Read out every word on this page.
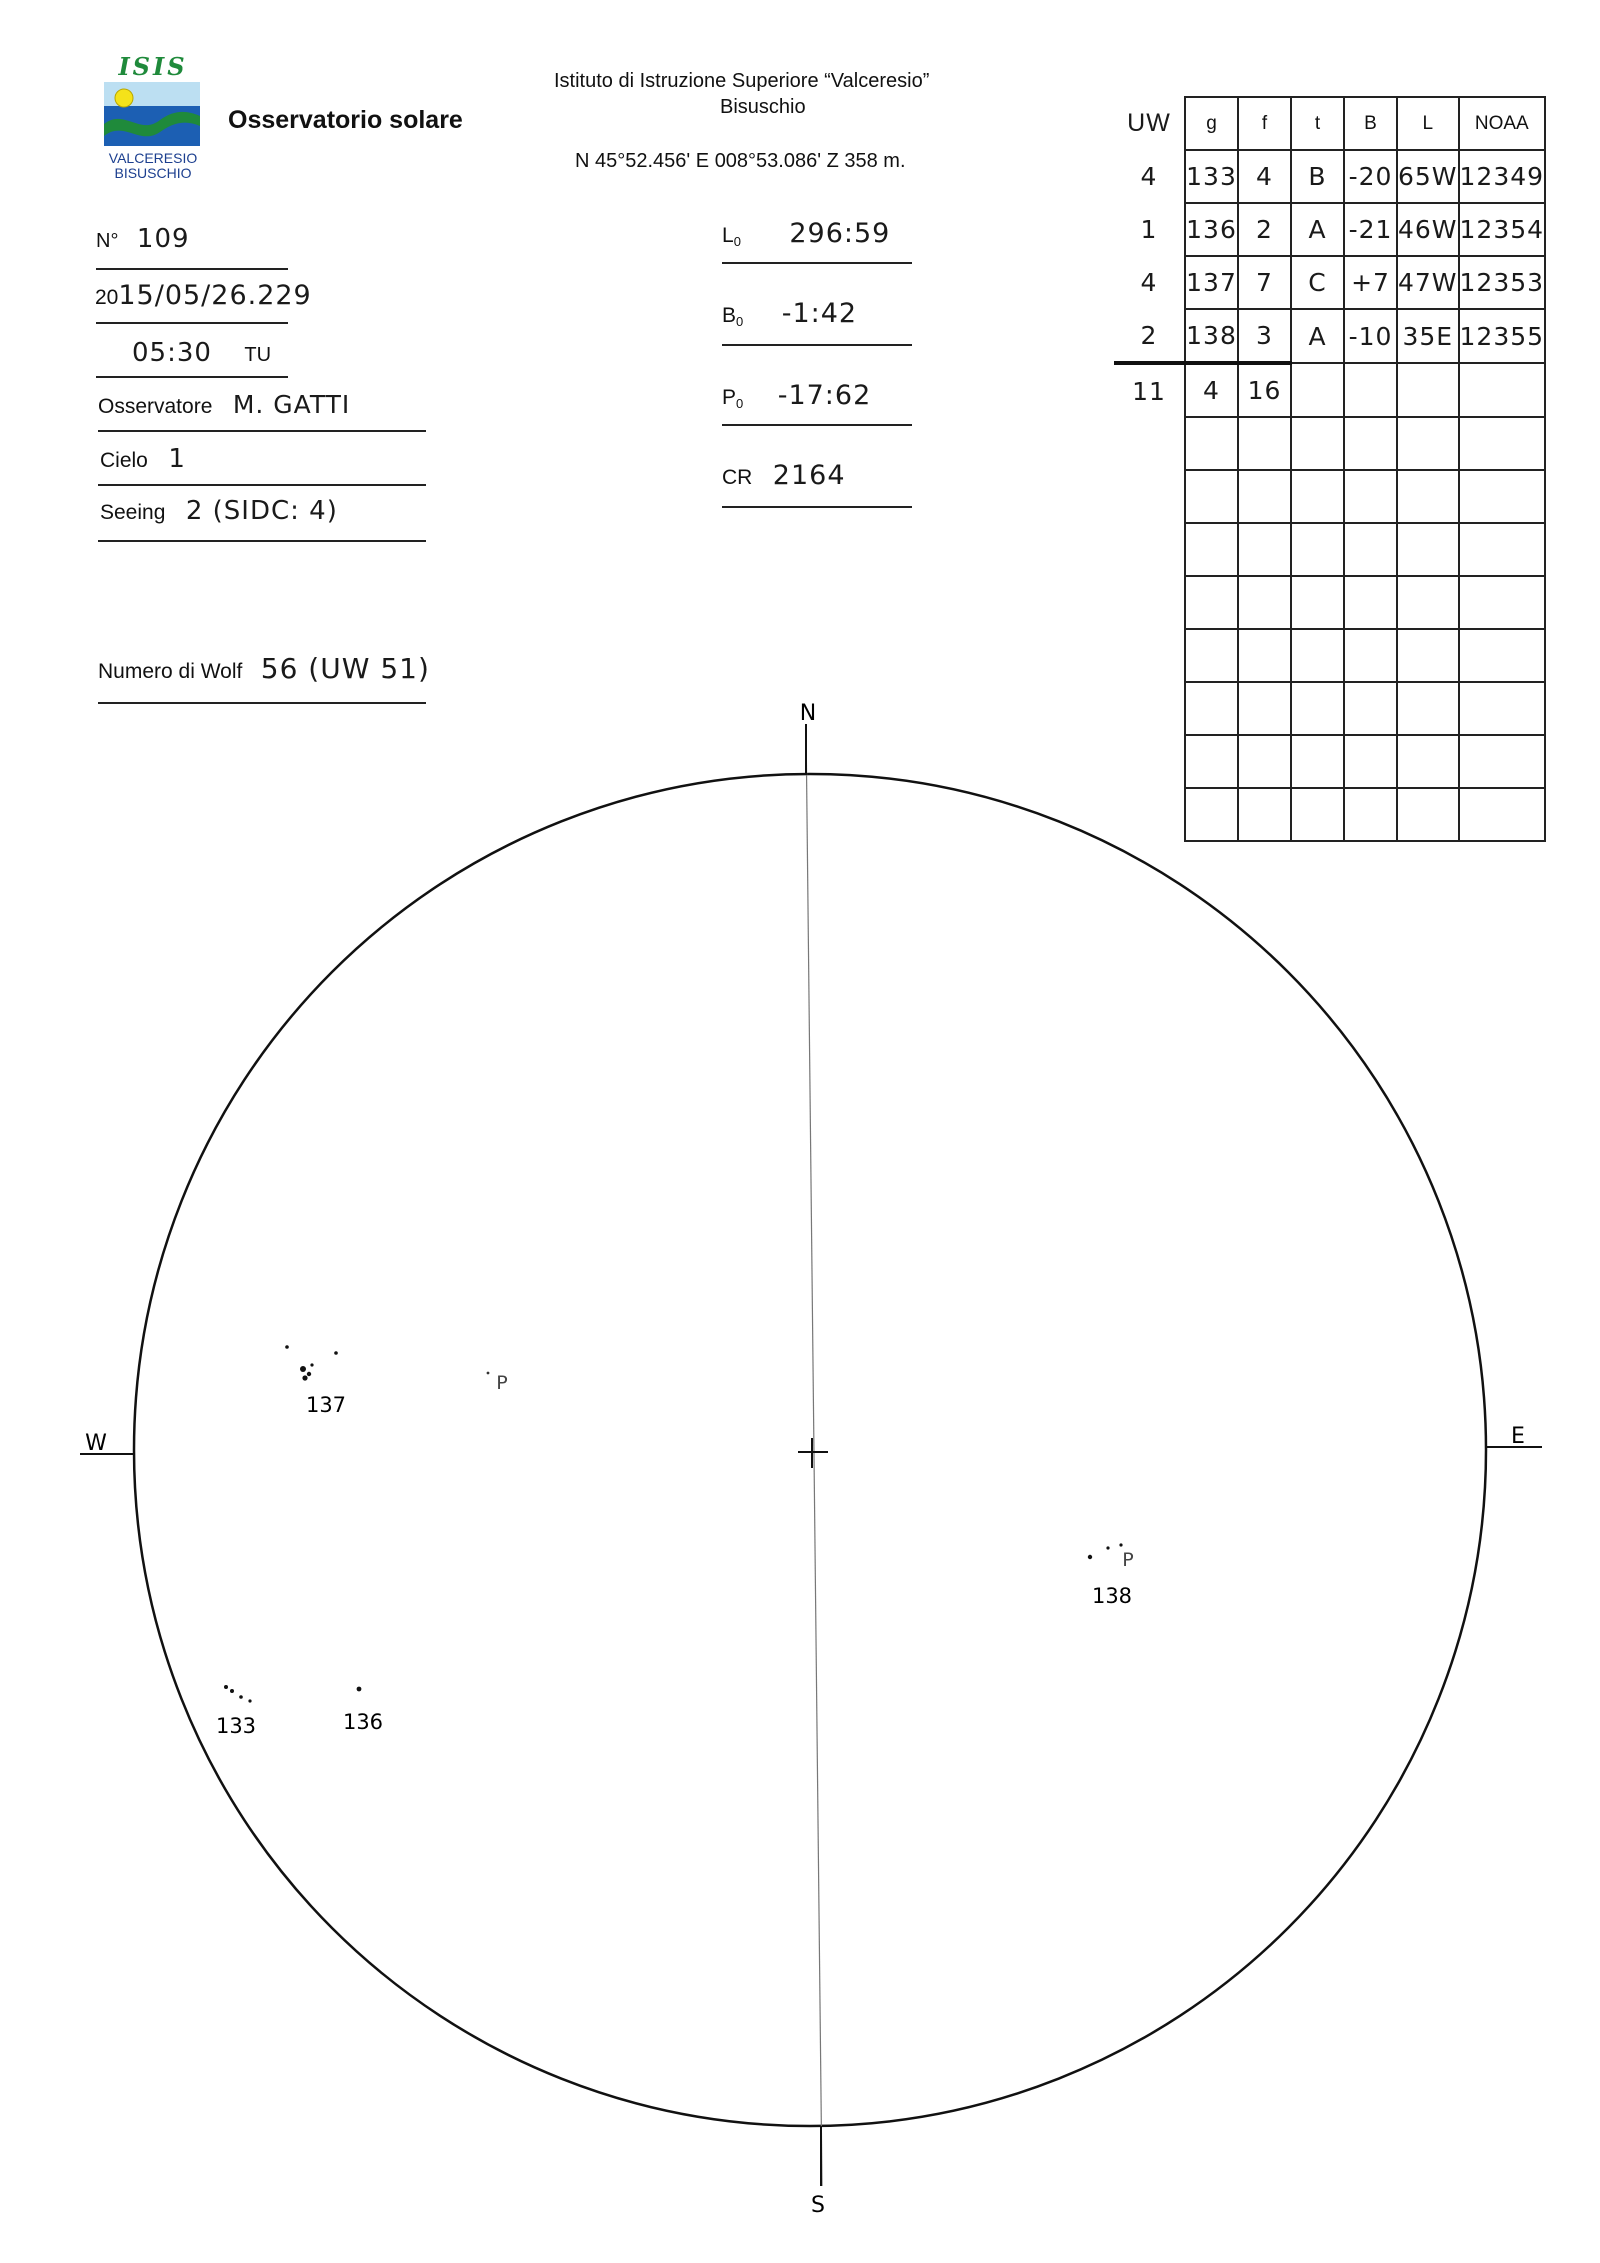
ISIS
VALCERESIO
BISUSCHIO
Osservatorio solare
Istituto di Istruzione Superiore “Valceresio”
Bisuschio
N 45°52.456' E 008°53.086' Z 358 m.
N° 109
2015/05/26.229
05:30 TU
Osservatore M. GATTI
Cielo 1
Seeing 2 (SIDC: 4)
Numero di Wolf 56 (UW 51)
$L_0$ 296:59
$B_0$ -1:42
$P_0$ -17:62
CR 2164
UW	g	f	t	B	L	NOAA
4	133	4	B	-20	65W	12349
1	136	2	A	-21	46W	12354
4	137	7	C	+7	47W	12353
2	138	3	A	-10	35E	12355
11	4	16				

N
S
W	E
137
P
138
P
133	136
